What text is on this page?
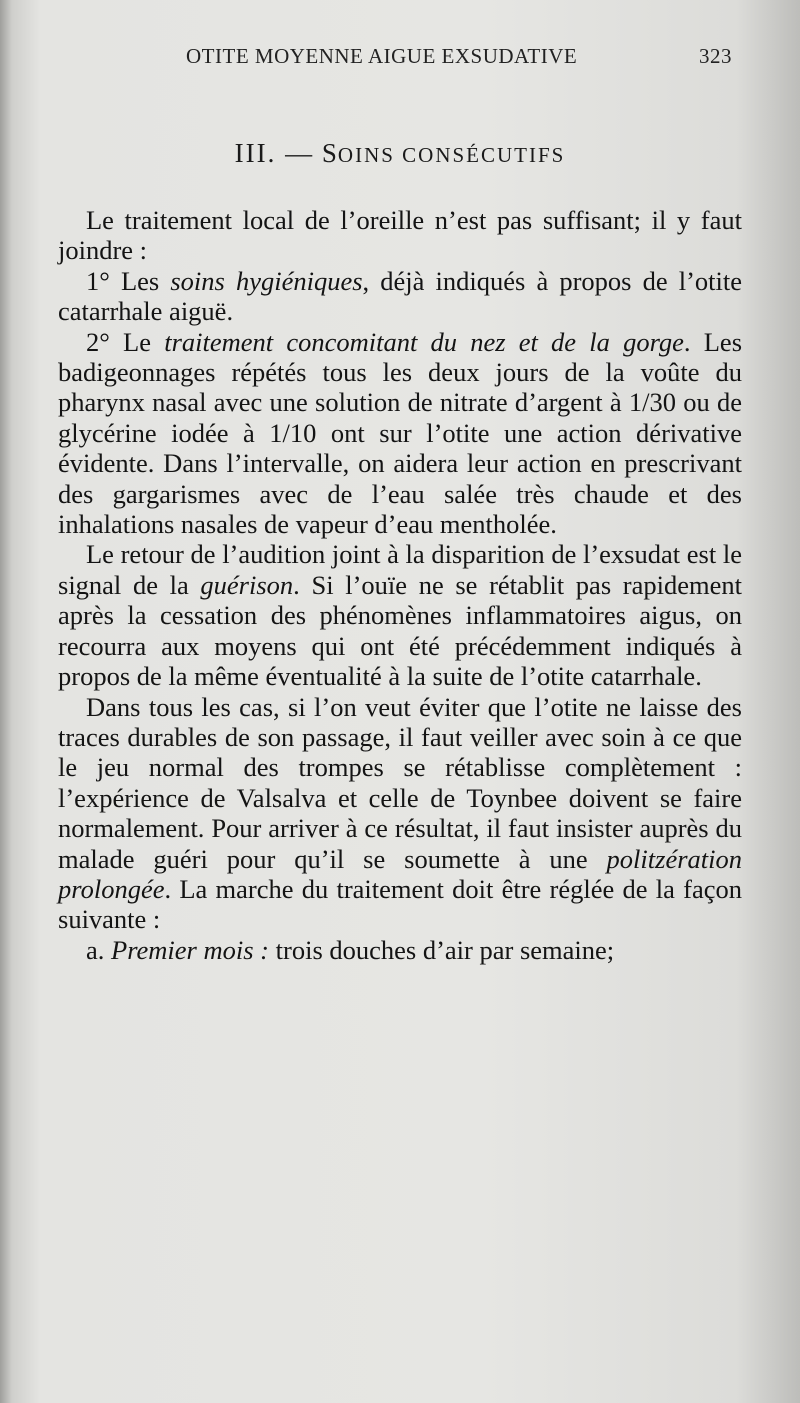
OTITE MOYENNE AIGUE EXSUDATIVE	323
III. — SOINS CONSÉCUTIFS

Le traitement local de l’oreille n’est pas suffisant; il y faut joindre :

1° Les soins hygiéniques, déjà indiqués à propos de l’otite catarrhale aiguë.

2° Le traitement concomitant du nez et de la gorge. Les badigeonnages répétés tous les deux jours de la voûte du pharynx nasal avec une solution de nitrate d’argent à 1/30 ou de glycérine iodée à 1/10 ont sur l’otite une action dérivative évidente. Dans l’intervalle, on aidera leur action en prescrivant des gargarismes avec de l’eau salée très chaude et des inhalations nasales de vapeur d’eau mentholée.

Le retour de l’audition joint à la disparition de l’exsudat est le signal de la guérison. Si l’ouïe ne se rétablit pas rapidement après la cessation des phénomènes inflammatoires aigus, on recourra aux moyens qui ont été précédemment indiqués à propos de la même éventualité à la suite de l’otite catarrhale.

Dans tous les cas, si l’on veut éviter que l’otite ne laisse des traces durables de son passage, il faut veiller avec soin à ce que le jeu normal des trompes se rétablisse complètement : l’expérience de Valsalva et celle de Toynbee doivent se faire normalement. Pour arriver à ce résultat, il faut insister auprès du malade guéri pour qu’il se soumette à une politzération prolongée. La marche du traitement doit être réglée de la façon suivante :

a. Premier mois : trois douches d’air par semaine;
